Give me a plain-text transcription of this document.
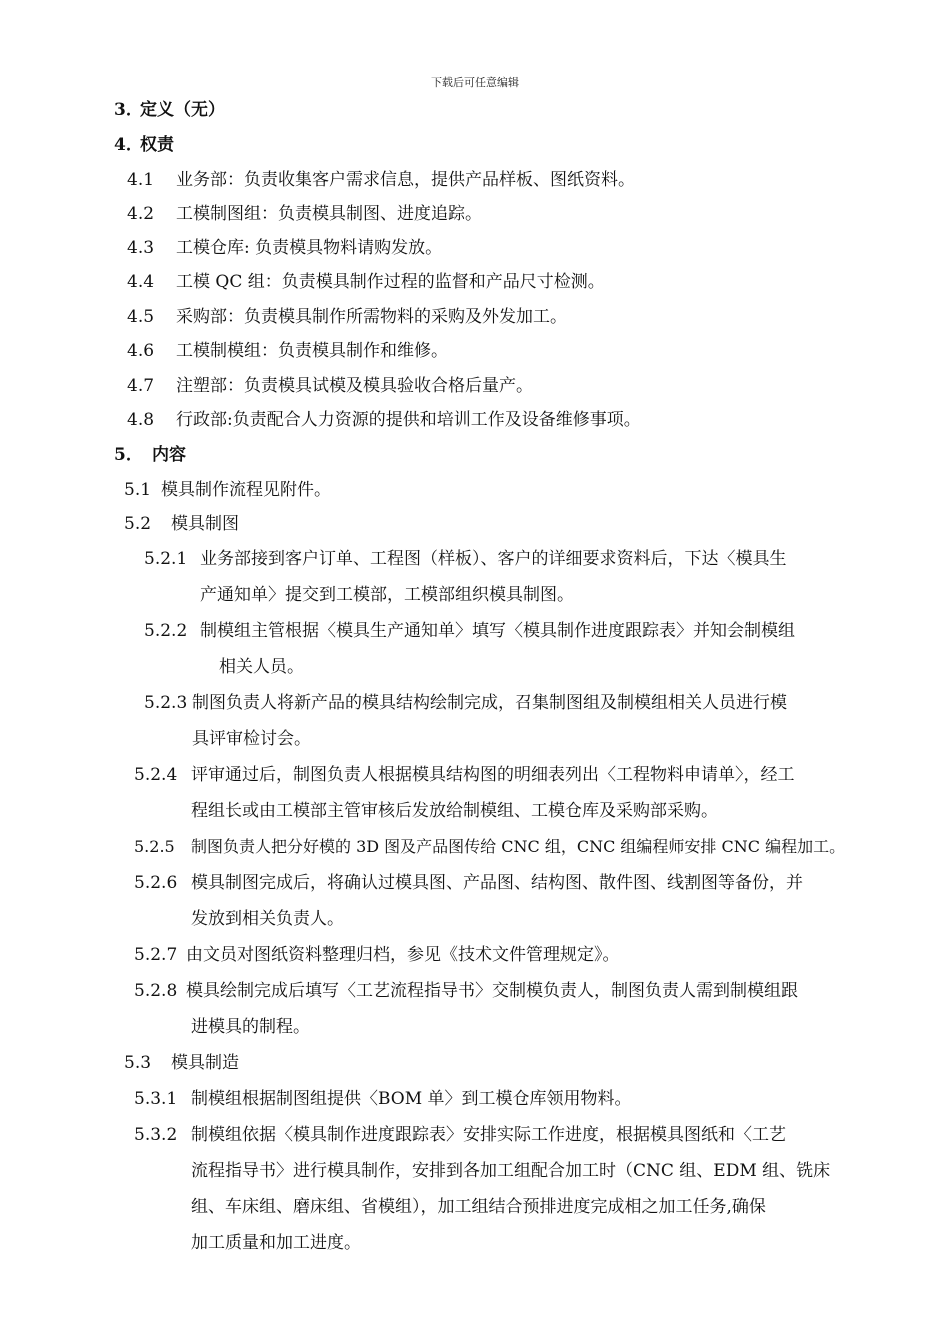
下载后可任意编辑
3．定义（无）
4．权责
4.1 业务部：负责收集客户需求信息，提供产品样板、图纸资料。
4.2 工模制图组：负责模具制图、进度追踪。
4.3 工模仓库: 负责模具物料请购发放。
4.4 工模 QC 组：负责模具制作过程的监督和产品尺寸检测。
4.5 采购部：负责模具制作所需物料的采购及外发加工。
4.6 工模制模组：负责模具制作和维修。
4.7 注塑部：负责模具试模及模具验收合格后量产。
4.8 行政部:负责配合人力资源的提供和培训工作及设备维修事项。
5． 内容
5.1 模具制作流程见附件。
5.2 模具制图
5.2.1 业务部接到客户订单、工程图（样板）、客户的详细要求资料后，下达〈模具生
产通知单〉提交到工模部，工模部组织模具制图。
5.2.2 制模组主管根据〈模具生产通知单〉填写〈模具制作进度跟踪表〉并知会制模组
相关人员。
5.2.3 制图负责人将新产品的模具结构绘制完成，召集制图组及制模组相关人员进行模
具评审检讨会。
5.2.4 评审通过后，制图负责人根据模具结构图的明细表列出〈工程物料申请单〉，经工
程组长或由工模部主管审核后发放给制模组、工模仓库及采购部采购。
5.2.5 制图负责人把分好模的 3D 图及产品图传给 CNC 组，CNC 组编程师安排 CNC 编程加工。
5.2.6 模具制图完成后，将确认过模具图、产品图、结构图、散件图、线割图等备份，并
发放到相关负责人。
5.2.7 由文员对图纸资料整理归档，参见《技术文件管理规定》。
5.2.8 模具绘制完成后填写〈工艺流程指导书〉交制模负责人，制图负责人需到制模组跟
进模具的制程。
5.3 模具制造
5.3.1 制模组根据制图组提供〈BOM 单〉到工模仓库领用物料。
5.3.2 制模组依据〈模具制作进度跟踪表〉安排实际工作进度，根据模具图纸和〈工艺
流程指导书〉进行模具制作，安排到各加工组配合加工时（CNC 组、EDM 组、铣床
组、车床组、磨床组、省模组），加工组结合预排进度完成相之加工任务,确保
加工质量和加工进度。
